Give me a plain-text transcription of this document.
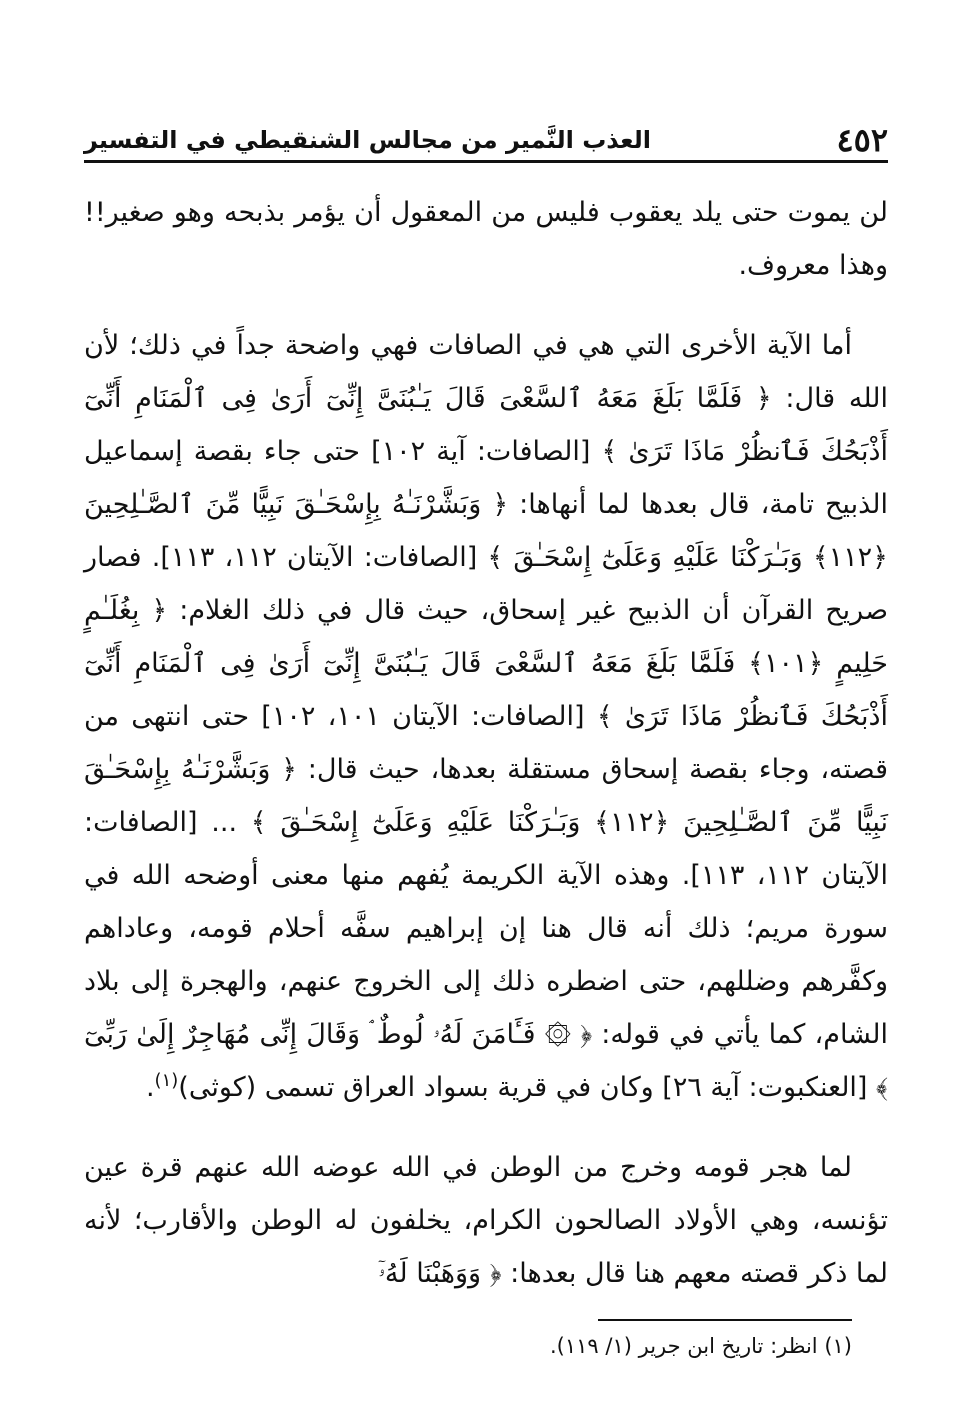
٤٥٢
العذب النَّمير من مجالس الشنقيطي في التفسير

لن يموت حتى يلد يعقوب فليس من المعقول أن يؤمر بذبحه وهو صغير!! وهذا معروف.

أما الآية الأخرى التي هي في الصافات فهي واضحة جداً في ذلك؛ لأن الله قال: ﴿ فَلَمَّا بَلَغَ مَعَهُ ٱلسَّعْىَ قَالَ يَـٰبُنَىَّ إِنِّىٓ أَرَىٰ فِى ٱلْمَنَامِ أَنِّىٓ أَذْبَحُكَ فَٱنظُرْ مَاذَا تَرَىٰ ﴾ [الصافات: آية ١٠٢] حتى جاء بقصة إسماعيل الذبيح تامة، قال بعدها لما أنهاها: ﴿ وَبَشَّرْنَـٰهُ بِإِسْحَـٰقَ نَبِيًّا مِّنَ ٱلصَّـٰلِحِينَ ﴿١١٢﴾ وَبَـٰرَكْنَا عَلَيْهِ وَعَلَىٰٓ إِسْحَـٰقَ ﴾ [الصافات: الآيتان ١١٢، ١١٣]. فصار صريح القرآن أن الذبيح غير إسحاق، حيث قال في ذلك الغلام: ﴿ بِغُلَـٰمٍ حَلِيمٍ ﴿١٠١﴾ فَلَمَّا بَلَغَ مَعَهُ ٱلسَّعْىَ قَالَ يَـٰبُنَىَّ إِنِّىٓ أَرَىٰ فِى ٱلْمَنَامِ أَنِّىٓ أَذْبَحُكَ فَٱنظُرْ مَاذَا تَرَىٰ ﴾ [الصافات: الآيتان ١٠١، ١٠٢] حتى انتهى من قصته، وجاء بقصة إسحاق مستقلة بعدها، حيث قال: ﴿ وَبَشَّرْنَـٰهُ بِإِسْحَـٰقَ نَبِيًّا مِّنَ ٱلصَّـٰلِحِينَ ﴿١١٢﴾ وَبَـٰرَكْنَا عَلَيْهِ وَعَلَىٰٓ إِسْحَـٰقَ ﴾ ... [الصافات: الآيتان ١١٢، ١١٣]. وهذه الآية الكريمة يُفهم منها معنى أوضحه الله في سورة مريم؛ ذلك أنه قال هنا إن إبراهيم سفَّه أحلام قومه، وعاداهم وكفَّرهم وضللهم، حتى اضطره ذلك إلى الخروج عنهم، والهجرة إلى بلاد الشام، كما يأتي في قوله: ﴿ ۞ فَـَٔامَنَ لَهُۥ لُوطٌ ۘ وَقَالَ إِنِّى مُهَاجِرٌ إِلَىٰ رَبِّىٓ ﴾ [العنكبوت: آية ٢٦] وكان في قرية بسواد العراق تسمى (كوثى)$^{(١)}$.

لما هجر قومه وخرج من الوطن في الله عوضه الله عنهم قرة عين تؤنسه، وهي الأولاد الصالحون الكرام، يخلفون له الوطن والأقارب؛ لأنه لما ذكر قصته معهم هنا قال بعدها: ﴿ وَوَهَبْنَا لَهُۥٓ

(١) انظر: تاريخ ابن جرير (١/ ١١٩).
